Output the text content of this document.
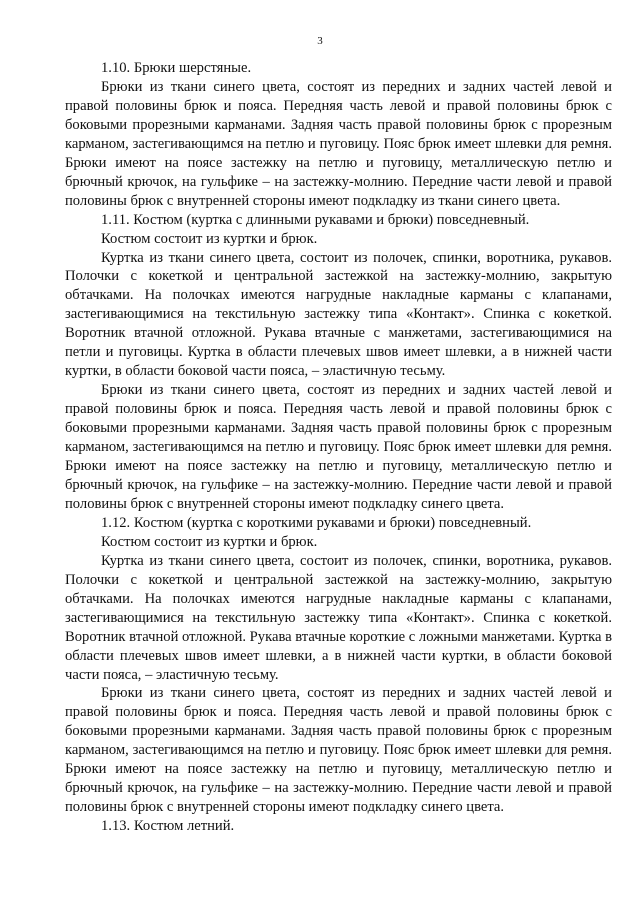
3

1.10. Брюки шерстяные.

Брюки из ткани синего цвета, состоят из передних и задних частей левой и правой половины брюк и пояса. Передняя часть левой и правой половины брюк с боковыми прорезными карманами. Задняя часть правой половины брюк с прорезным карманом, застегивающимся на петлю и пуговицу. Пояс брюк имеет шлевки для ремня. Брюки имеют на поясе застежку на петлю и пуговицу, металлическую петлю и брючный крючок, на гульфике – на застежку-молнию. Передние части левой и правой половины брюк с внутренней стороны имеют подкладку из ткани синего цвета.

1.11. Костюм (куртка с длинными рукавами и брюки) повседневный.

Костюм состоит из куртки и брюк.

Куртка из ткани синего цвета, состоит из полочек, спинки, воротника, рукавов. Полочки с кокеткой и центральной застежкой на застежку-молнию, закрытую обтачками. На полочках имеются нагрудные накладные карманы с клапанами, застегивающимися на текстильную застежку типа «Контакт». Спинка с кокеткой. Воротник втачной отложной. Рукава втачные с манжетами, застегивающимися на петли и пуговицы. Куртка в области плечевых швов имеет шлевки, а в нижней части куртки, в области боковой части пояса, – эластичную тесьму.

Брюки из ткани синего цвета, состоят из передних и задних частей левой и правой половины брюк и пояса. Передняя часть левой и правой половины брюк с боковыми прорезными карманами. Задняя часть правой половины брюк с прорезным карманом, застегивающимся на петлю и пуговицу. Пояс брюк имеет шлевки для ремня. Брюки имеют на поясе застежку на петлю и пуговицу, металлическую петлю и брючный крючок, на гульфике – на застежку-молнию. Передние части левой и правой половины брюк с внутренней стороны имеют подкладку синего цвета.

1.12. Костюм (куртка с короткими рукавами и брюки) повседневный.

Костюм состоит из куртки и брюк.

Куртка из ткани синего цвета, состоит из полочек, спинки, воротника, рукавов. Полочки с кокеткой и центральной застежкой на застежку-молнию, закрытую обтачками. На полочках имеются нагрудные накладные карманы с клапанами, застегивающимися на текстильную застежку типа «Контакт». Спинка с кокеткой. Воротник втачной отложной. Рукава втачные короткие с ложными манжетами. Куртка в области плечевых швов имеет шлевки, а в нижней части куртки, в области боковой части пояса, – эластичную тесьму.

Брюки из ткани синего цвета, состоят из передних и задних частей левой и правой половины брюк и пояса. Передняя часть левой и правой половины брюк с боковыми прорезными карманами. Задняя часть правой половины брюк с прорезным карманом, застегивающимся на петлю и пуговицу. Пояс брюк имеет шлевки для ремня. Брюки имеют на поясе застежку на петлю и пуговицу, металлическую петлю и брючный крючок, на гульфике – на застежку-молнию. Передние части левой и правой половины брюк с внутренней стороны имеют подкладку синего цвета.

1.13. Костюм летний.
